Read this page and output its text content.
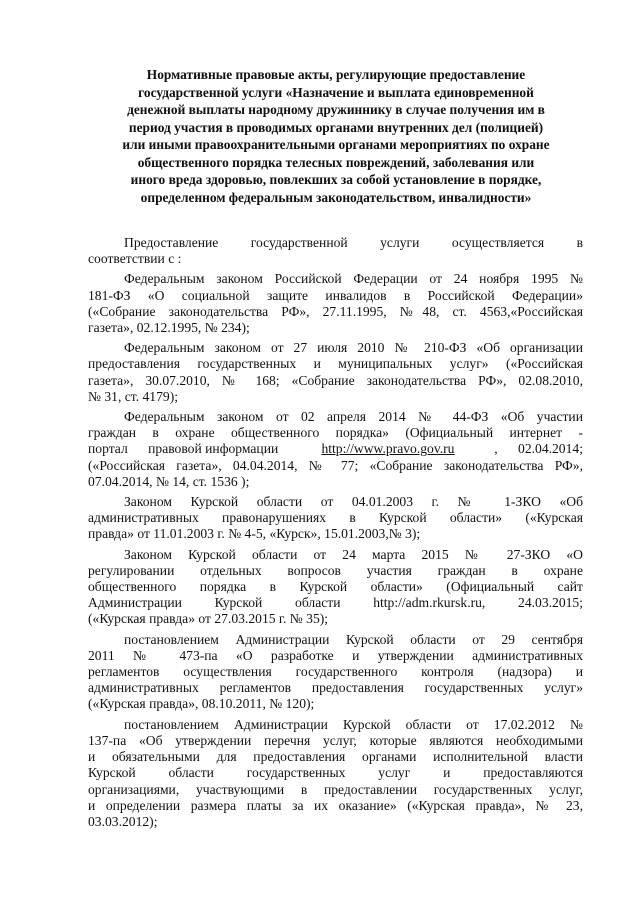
Нормативные правовые акты, регулирующие предоставление
государственной услуги «Назначение и выплата единовременной
денежной выплаты народному дружиннику в случае получения им в
период участия в проводимых органами внутренних дел (полицией)
или иными правоохранительными органами мероприятиях по охране
общественного порядка телесных повреждений, заболевания или
иного вреда здоровью, повлекших за собой установление в порядке,
определенном федеральным законодательством, инвалидности»
Предоставление государственной услуги осуществляется в
соответствии с :
Федеральным законом Российской Федерации от 24 ноября 1995 №
181-ФЗ «О социальной защите инвалидов в Российской Федерации»
(«Собрание законодательства РФ», 27.11.1995, №48, ст. 4563,«Российская
газета», 02.12.1995, № 234);
Федеральным законом от 27 июля 2010 № 210-ФЗ «Об организации
предоставления государственных и муниципальных услуг» («Российская
газета», 30.07.2010, № 168; «Собрание законодательства РФ», 02.08.2010,
№ 31, ст. 4179);
Федеральным законом от 02 апреля 2014 № 44-ФЗ «Об участии
граждан в охране общественного порядка» (Официальный интернет -
портал      правовой информации	http://www.pravo.gov.ru	,      02.04.2014;
(«Российская газета», 04.04.2014, № 77; «Собрание законодательства РФ»,
07.04.2014, № 14, ст. 1536 );
Законом Курской области от 04.01.2003 г. № 1-ЗКО «Об
административных правонарушениях в Курской области» («Курская
правда» от 11.01.2003 г. № 4-5, «Курск», 15.01.2003,№ 3);
Законом Курской области от 24 марта 2015 № 27-ЗКО «О
регулировании отдельных вопросов участия граждан в охране
общественного порядка в Курской области» (Официальный сайт
Администрации Курской области http://adm.rkursk.ru, 24.03.2015;
(«Курская правда» от 27.03.2015 г. № 35);
постановлением Администрации Курской области от 29 сентября
2011 № 473-па «О разработке и утверждении административных
регламентов осуществления государственного контроля (надзора) и
административных регламентов предоставления государственных услуг»
(«Курская правда», 08.10.2011, № 120);
постановлением Администрации Курской области от 17.02.2012 №
137-па «Об утверждении перечня услуг, которые являются необходимыми
и обязательными для предоставления органами исполнительной власти
Курской области государственных услуг и предоставляются
организациями, участвующими в предоставлении государственных услуг,
и определении размера платы за их оказание» («Курская правда», № 23,
03.03.2012);
